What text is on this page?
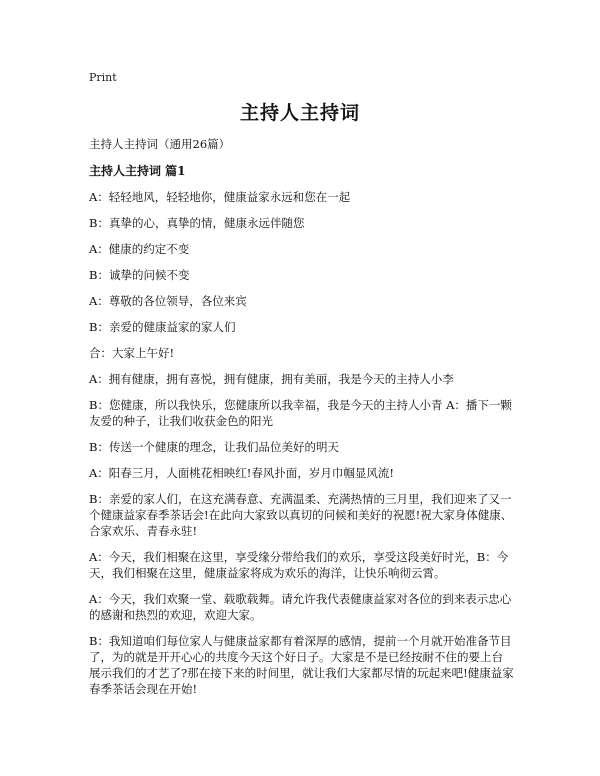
Print
主持人主持词

主持人主持词（通用26篇）

主持人主持词 篇1

A：轻轻地风，轻轻地你，健康益家永远和您在一起

B：真挚的心，真挚的情，健康永远伴随您

A：健康的约定不变

B：诚挚的问候不变

A：尊敬的各位领导，各位来宾

B：亲爱的健康益家的家人们

合：大家上午好!

A：拥有健康，拥有喜悦，拥有健康，拥有美丽，我是今天的主持人小李

B：您健康，所以我快乐，您健康所以我幸福，我是今天的主持人小青 A：播下一颗友爱的种子，让我们收获金色的阳光

B：传送一个健康的理念，让我们品位美好的明天

A：阳春三月，人面桃花相映红!春风扑面，岁月巾帼显风流!

B：亲爱的家人们，在这充满春意、充满温柔、充满热情的三月里，我们迎来了又一个健康益家春季茶话会!在此向大家致以真切的问候和美好的祝愿!祝大家身体健康、合家欢乐、青春永驻!

A：今天，我们相聚在这里，享受缘分带给我们的欢乐，享受这段美好时光，B：今天，我们相聚在这里，健康益家将成为欢乐的海洋，让快乐响彻云霄。

A：今天，我们欢聚一堂、载歌载舞。请允许我代表健康益家对各位的到来表示忠心的感谢和热烈的欢迎，欢迎大家。

B：我知道咱们每位家人与健康益家都有着深厚的感情，提前一个月就开始准备节目了，为的就是开开心心的共度今天这个好日子。大家是不是已经按耐不住的要上台展示我们的才艺了?那在接下来的时间里，就让我们大家都尽情的玩起来吧!健康益家春季茶话会现在开始!
